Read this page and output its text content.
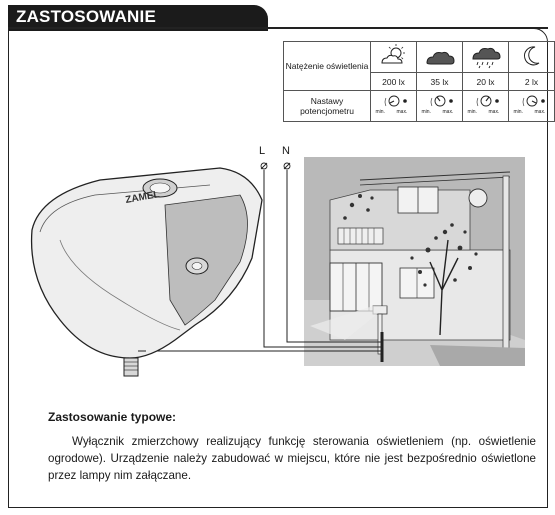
ZASTOSOWANIE
Natężenie oświetlenia				
	200 lx	35 lx	20 lx	2 lx
Nastawy potencjometru	min. max.	min. max.	min. max.	min. max.
ZAMEL
L N
Zastosowanie typowe:
Wyłącznik zmierzchowy realizujący funkcję sterowania oświetleniem (np. oświetlenie ogrodowe). Urządzenie należy zabudować w miejscu, które nie jest bezpośrednio oświetlone przez lampy nim załączane.
